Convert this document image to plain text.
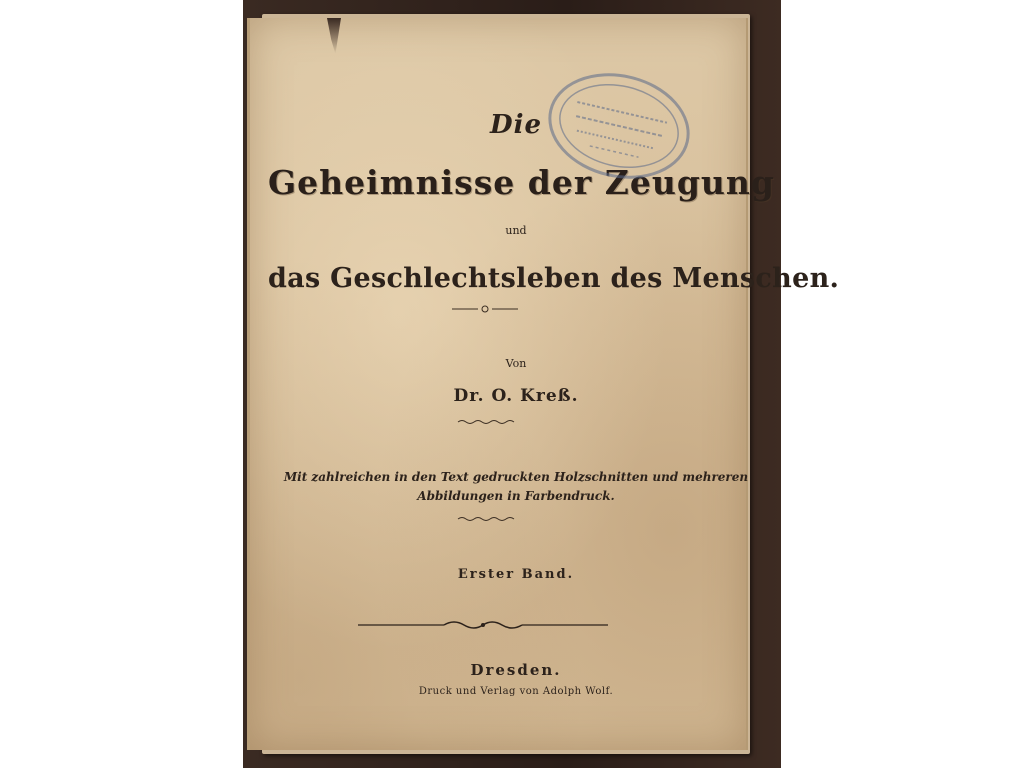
Die
Geheimnisse der Zeugung
und
das Geschlechtsleben des Menschen.
Von
Dr. O. Kreß.
Mit zahlreichen in den Text gedruckten Holzschnitten und mehreren
Abbildungen in Farbendruck.
Erster Band.
Dresden.
Druck und Verlag von Adolph Wolf.
